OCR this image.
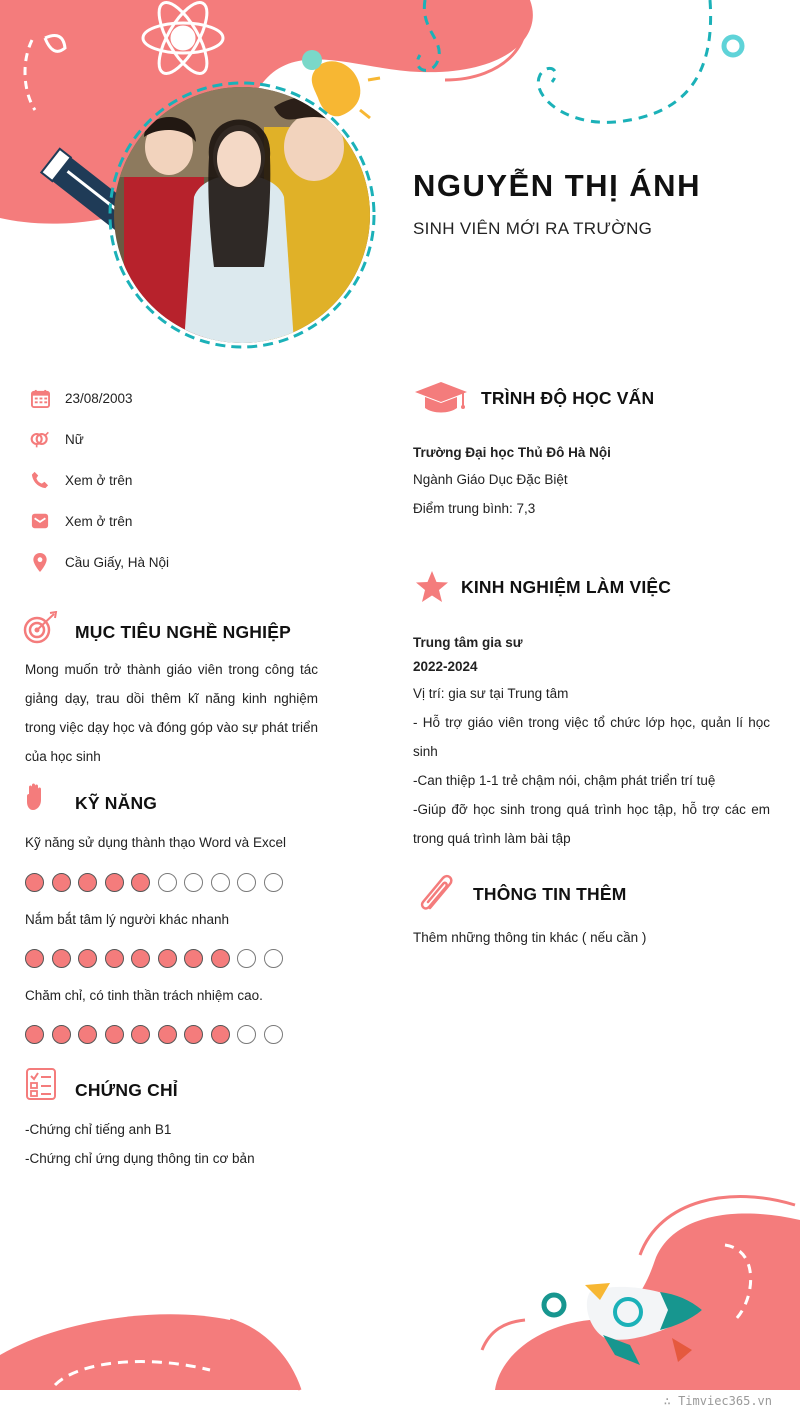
NGUYỄN THỊ ÁNH
SINH VIÊN MỚI RA TRƯỜNG
23/08/2003
Nữ
Xem ở trên
Xem ở trên
Cầu Giấy, Hà Nội
MỤC TIÊU NGHỀ NGHIỆP
Mong muốn trở thành giáo viên trong công tác giảng dạy, trau dồi thêm kĩ năng kinh nghiệm trong việc dạy học và đóng góp vào sự phát triển của học sinh
KỸ NĂNG
Kỹ năng sử dụng thành thạo Word và Excel
Nắm bắt tâm lý người khác nhanh
Chăm chỉ, có tinh thần trách nhiệm cao.
CHỨNG CHỈ
-Chứng chỉ tiếng anh B1
-Chứng chỉ ứng dụng thông tin cơ bản
TRÌNH ĐỘ HỌC VẤN
Trường Đại học Thủ Đô Hà Nội
Ngành Giáo Dục Đặc Biệt
Điểm trung bình: 7,3
KINH NGHIỆM LÀM VIỆC
Trung tâm gia sư
2022-2024
Vị trí: gia sư tại Trung tâm
- Hỗ trợ giáo viên trong việc tổ chức lớp học, quản lí học sinh
-Can thiệp 1-1 trẻ chậm nói, chậm phát triển trí tuệ
-Giúp đỡ học sinh trong quá trình học tập, hỗ trợ các em trong quá trình làm bài tập
THÔNG TIN THÊM
Thêm những thông tin khác ( nếu cần )
∴ Timviec365.vn
